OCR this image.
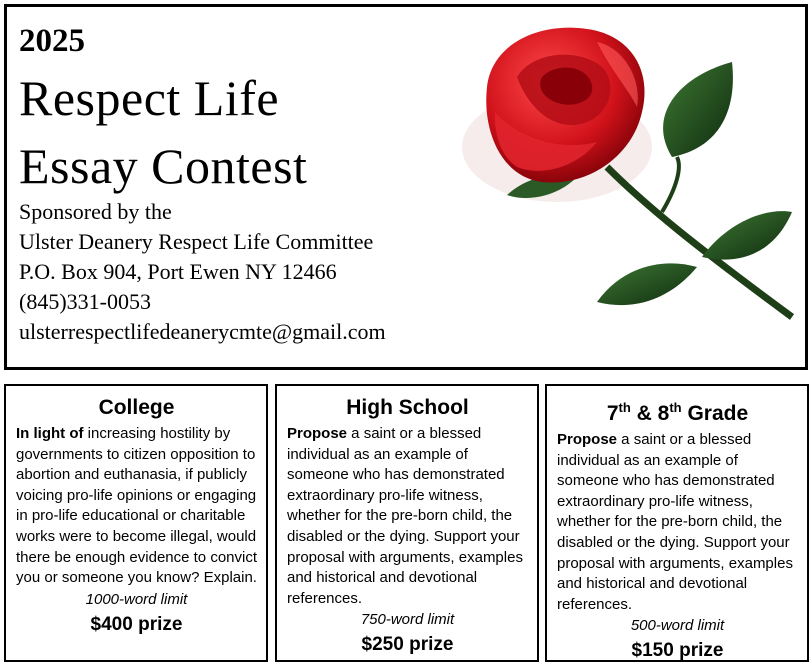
2025
Respect Life
Essay Contest
Sponsored by the
Ulster Deanery Respect Life Committee
P.O. Box 904, Port Ewen NY 12466
(845)331-0053
ulsterrespectlifedeanerycmte@gmail.com
College

In light of increasing hostility by governments to citizen opposition to abortion and euthanasia, if publicly voicing pro-life opinions or engaging in pro-life educational or charitable works were to become illegal, would there be enough evidence to convict you or someone you know? Explain.

1000-word limit
$400 prize
High School

Propose a saint or a blessed individual as an example of someone who has demonstrated extraordinary pro-life witness, whether for the pre-born child, the disabled or the dying. Support your proposal with arguments, examples and historical and devotional references.

750-word limit
$250 prize
7th & 8th Grade

Propose a saint or a blessed individual as an example of someone who has demonstrated extraordinary pro-life witness, whether for the pre-born child, the disabled or the dying. Support your proposal with arguments, examples and historical and devotional references.

500-word limit
$150 prize
